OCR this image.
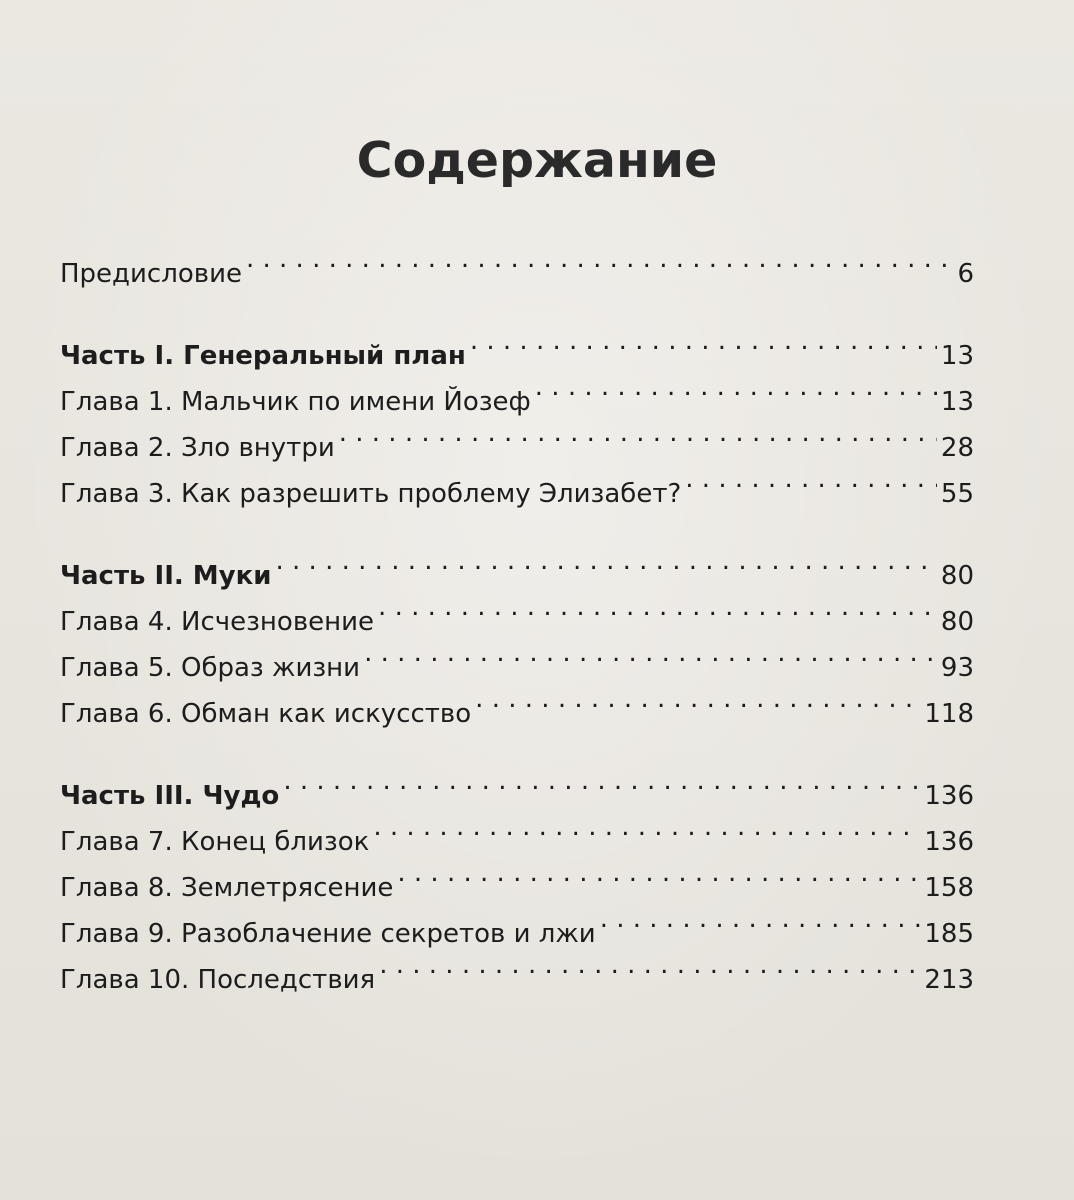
Содержание
Предисловие . . .	6
Часть I. Генеральный план . . .	13
Глава 1. Мальчик по имени Йозеф . . .	13
Глава 2. Зло внутри . . .	28
Глава 3. Как разрешить проблему Элизабет? . . .	55
Часть II. Муки . . .	80
Глава 4. Исчезновение . . .	80
Глава 5. Образ жизни . . .	93
Глава 6. Обман как искусство . . .	118
Часть III. Чудо . . .	136
Глава 7. Конец близок . . .	136
Глава 8. Землетрясение . . .	158
Глава 9. Разоблачение секретов и лжи . . .	185
Глава 10. Последствия . . .	213
